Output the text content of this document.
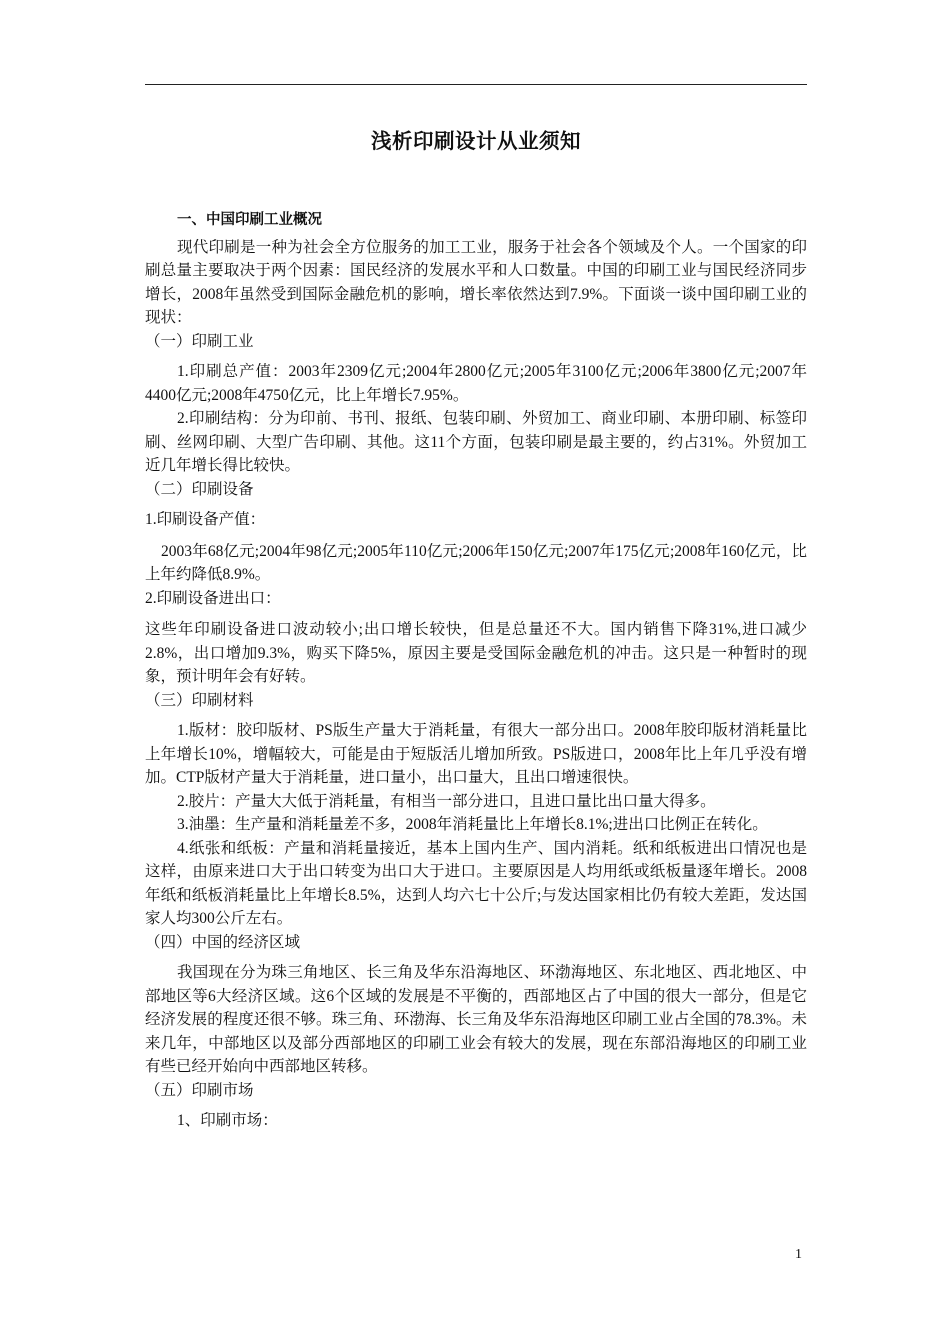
浅析印刷设计从业须知

一、中国印刷工业概况

现代印刷是一种为社会全方位服务的加工工业，服务于社会各个领域及个人。一个国家的印刷总量主要取决于两个因素：国民经济的发展水平和人口数量。中国的印刷工业与国民经济同步增长，2008年虽然受到国际金融危机的影响，增长率依然达到7.9%。下面谈一谈中国印刷工业的现状：

（一）印刷工业

1.印刷总产值：2003年2309亿元;2004年2800亿元;2005年3100亿元;2006年3800亿元;2007年4400亿元;2008年4750亿元，比上年增长7.95%。

2.印刷结构：分为印前、书刊、报纸、包装印刷、外贸加工、商业印刷、本册印刷、标签印刷、丝网印刷、大型广告印刷、其他。这11个方面，包装印刷是最主要的，约占31%。外贸加工近几年增长得比较快。

（二）印刷设备

1.印刷设备产值：

2003年68亿元;2004年98亿元;2005年110亿元;2006年150亿元;2007年175亿元;2008年160亿元，比上年约降低8.9%。

2.印刷设备进出口：

这些年印刷设备进口波动较小;出口增长较快，但是总量还不大。国内销售下降31%,进口减少2.8%，出口增加9.3%，购买下降5%，原因主要是受国际金融危机的冲击。这只是一种暂时的现象，预计明年会有好转。

（三）印刷材料

1.版材：胶印版材、PS版生产量大于消耗量，有很大一部分出口。2008年胶印版材消耗量比上年增长10%，增幅较大，可能是由于短版活儿增加所致。PS版进口，2008年比上年几乎没有增加。CTP版材产量大于消耗量，进口量小，出口量大，且出口增速很快。

2.胶片：产量大大低于消耗量，有相当一部分进口，且进口量比出口量大得多。

3.油墨：生产量和消耗量差不多，2008年消耗量比上年增长8.1%;进出口比例正在转化。

4.纸张和纸板：产量和消耗量接近，基本上国内生产、国内消耗。纸和纸板进出口情况也是这样，由原来进口大于出口转变为出口大于进口。主要原因是人均用纸或纸板量逐年增长。2008年纸和纸板消耗量比上年增长8.5%，达到人均六七十公斤;与发达国家相比仍有较大差距，发达国家人均300公斤左右。

（四）中国的经济区域

我国现在分为珠三角地区、长三角及华东沿海地区、环渤海地区、东北地区、西北地区、中部地区等6大经济区域。这6个区域的发展是不平衡的，西部地区占了中国的很大一部分，但是它经济发展的程度还很不够。珠三角、环渤海、长三角及华东沿海地区印刷工业占全国的78.3%。未来几年，中部地区以及部分西部地区的印刷工业会有较大的发展，现在东部沿海地区的印刷工业有些已经开始向中西部地区转移。

（五）印刷市场

1、印刷市场：

1
